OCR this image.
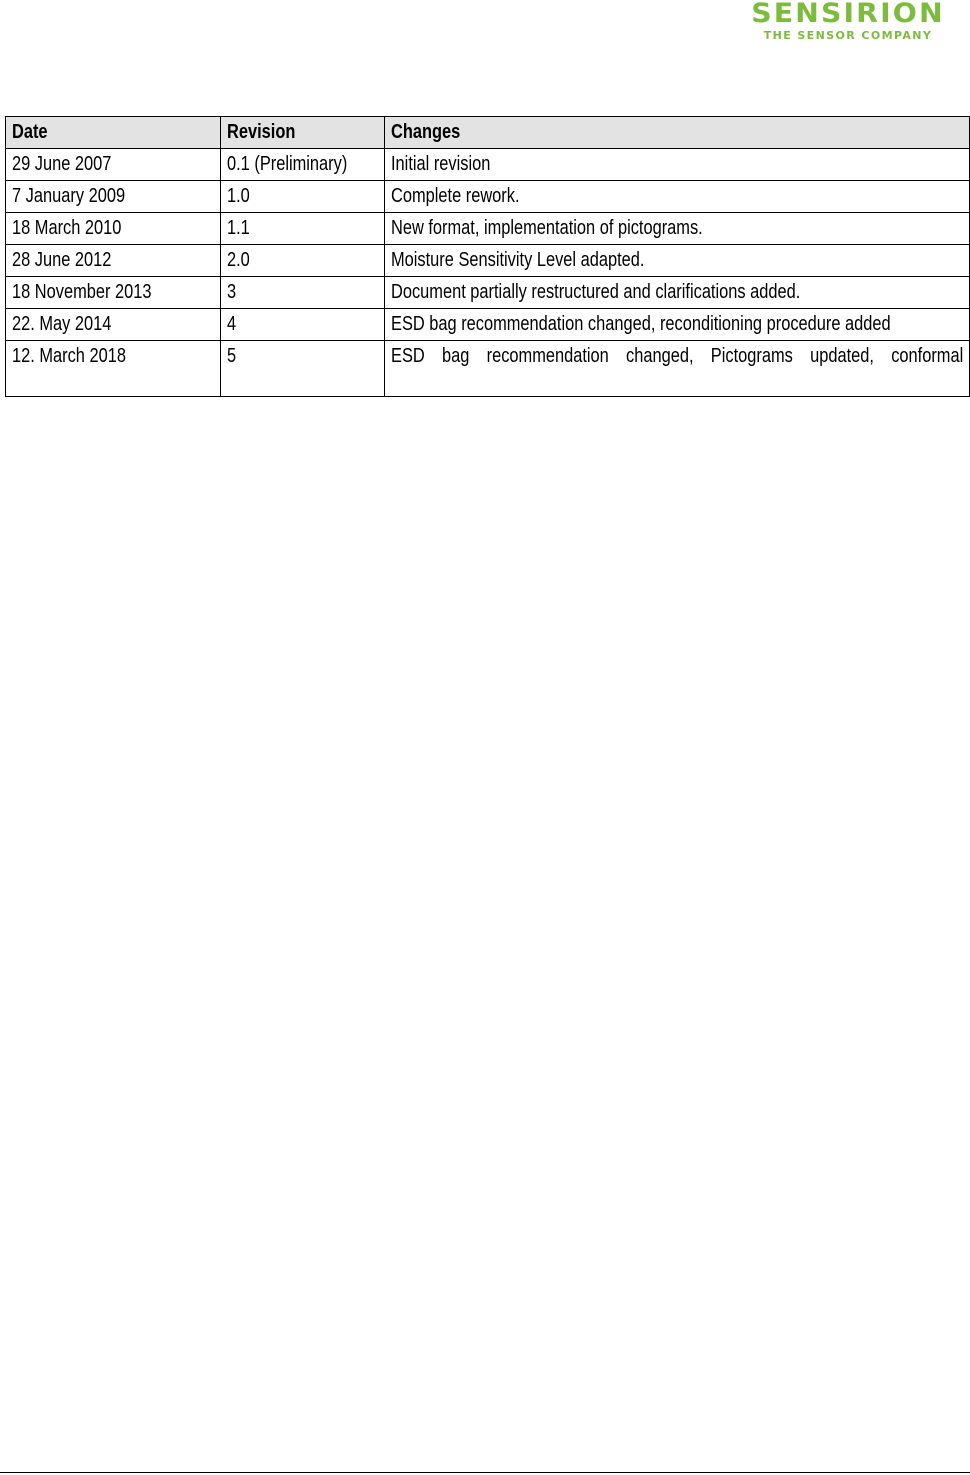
SENSIRION
THE SENSOR COMPANY
Date	Revision	Changes
29 June 2007	0.1 (Preliminary)	Initial revision
7 January 2009	1.0	Complete rework.
18 March 2010	1.1	New format, implementation of pictograms.
28 June 2012	2.0	Moisture Sensitivity Level adapted.
18 November 2013	3	Document partially restructured and clarifications added.
22. May 2014	4	ESD bag recommendation changed, reconditioning procedure added
12. March 2018	5	ESD bag recommendation changed, Pictograms updated, conformal
